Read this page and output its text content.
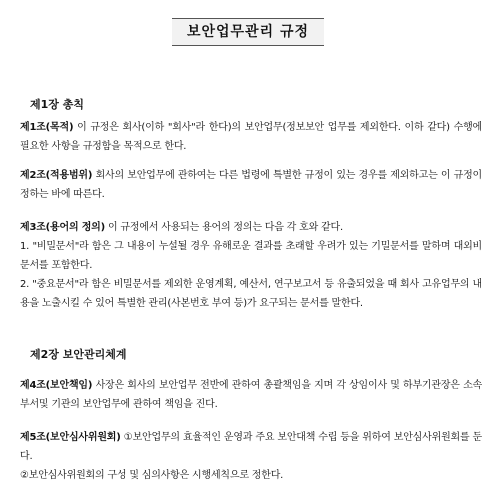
보안업무관리 규정
제1장 총칙
제1조(목적) 이 규정은 회사(이하 "회사"라 한다)의 보안업무(정보보안 업무를 제외한다. 이하 같다) 수행에 필요한 사항을 규정함을 목적으로 한다.
제2조(적용범위) 회사의 보안업무에 관하여는 다른 법령에 특별한 규정이 있는 경우를 제외하고는 이 규정이 정하는 바에 따른다.
제3조(용어의 정의) 이 규정에서 사용되는 용어의 정의는 다음 각 호와 같다.
1. "비밀문서"라 함은 그 내용이 누설될 경우 유해로운 결과를 초래할 우려가 있는 기밀문서를 말하며 대외비문서를 포함한다.
2. "중요문서"라 함은 비밀문서를 제외한 운영계획, 예산서, 연구보고서 등 유출되었을 때 회사 고유업무의 내용을 노출시킬 수 있어 특별한 관리(사본번호 부여 등)가 요구되는 문서를 말한다.
제2장 보안관리체계
제4조(보안책임) 사장은 회사의 보안업무 전반에 관하여 총괄책임을 지며 각 상임이사 및 하부기관장은 소속부서및 기관의 보안업무에 관하여 책임을 진다.
제5조(보안심사위원회) ①보안업무의 효율적인 운영과 주요 보안대책 수립 등을 위하여 보안심사위원회를 둔다.
②보안심사위원회의 구성 및 심의사항은 시행세칙으로 정한다.
